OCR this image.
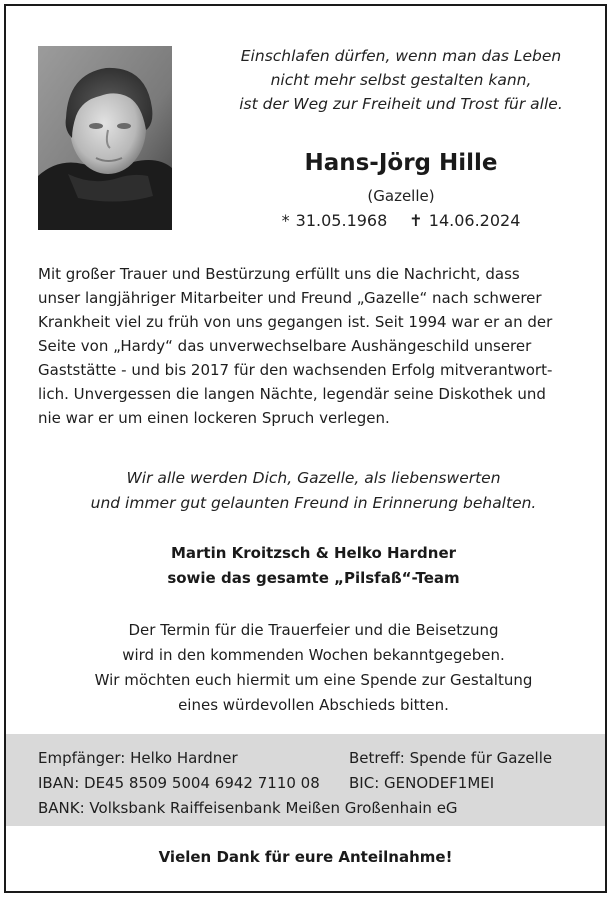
Einschlafen dürfen, wenn man das Leben
nicht mehr selbst gestalten kann,
ist der Weg zur Freiheit und Trost für alle.
Hans-Jörg Hille
(Gazelle)
* 31.05.1968 ✝ 14.06.2024
Mit großer Trauer und Bestürzung erfüllt uns die Nachricht, dass
unser langjähriger Mitarbeiter und Freund „Gazelle“ nach schwerer
Krankheit viel zu früh von uns gegangen ist. Seit 1994 war er an der
Seite von „Hardy“ das unverwechselbare Aushängeschild unserer
Gaststätte - und bis 2017 für den wachsenden Erfolg mitverantwort-
lich. Unvergessen die langen Nächte, legendär seine Diskothek und
nie war er um einen lockeren Spruch verlegen.
Wir alle werden Dich, Gazelle, als liebenswerten
und immer gut gelaunten Freund in Erinnerung behalten.
Martin Kroitzsch & Helko Hardner
sowie das gesamte „Pilsfaß“-Team
Der Termin für die Trauerfeier und die Beisetzung
wird in den kommenden Wochen bekanntgegeben.
Wir möchten euch hiermit um eine Spende zur Gestaltung
eines würdevollen Abschieds bitten.
Empfänger: Helko Hardner	Betreff: Spende für Gazelle
IBAN: DE45 8509 5004 6942 7110 08 BIC: GENODEF1MEI
BANK: Volksbank Raiffeisenbank Meißen Großenhain eG
Vielen Dank für eure Anteilnahme!
